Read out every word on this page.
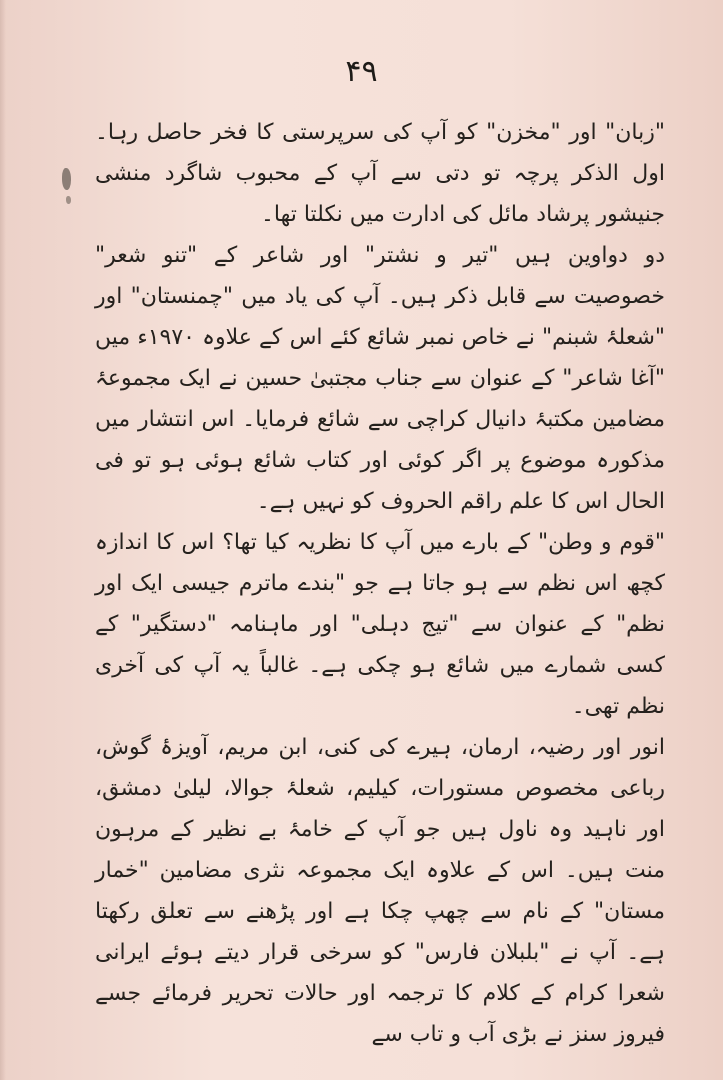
۴۹

"زبان" اور "مخزن" کو آپ کی سرپرستی کا فخر حاصل رہا۔ اول الذکر پرچہ تو دتی سے آپ کے محبوب شاگرد منشی جنیشور پرشاد مائل کی ادارت میں نکلتا تھا۔

دو دواوین ہیں "تیر و نشتر" اور شاعر کے "تنو شعر" خصوصیت سے قابل ذکر ہیں۔ آپ کی یاد میں "چمنستان" اور "شعلۂ شبنم" نے خاص نمبر شائع کئے اس کے علاوہ ۱۹۷۰ء میں "آغا شاعر" کے عنوان سے جناب مجتبیٰ حسین نے ایک مجموعۂ مضامین مکتبۂ دانیال کراچی سے شائع فرمایا۔ اس انتشار میں مذکورہ موضوع پر اگر کوئی اور کتاب شائع ہوئی ہو تو فی الحال اس کا علم راقم الحروف کو نہیں ہے۔

"قوم و وطن" کے بارے میں آپ کا نظریہ کیا تھا؟ اس کا اندازہ کچھ اس نظم سے ہو جاتا ہے جو "بندے ماترم جیسی ایک اور نظم" کے عنوان سے "تیج دہلی" اور ماہنامہ "دستگیر" کے کسی شمارے میں شائع ہو چکی ہے۔ غالباً یہ آپ کی آخری نظم تھی۔

انور اور رضیہ، ارمان، ہیرے کی کنی، ابن مریم، آویزۂ گوش، رباعی مخصوص مستورات، کیلیم، شعلۂ جوالا، لیلیٰ دمشق، اور ناہید وہ ناول ہیں جو آپ کے خامۂ بے نظیر کے مرہون منت ہیں۔ اس کے علاوہ ایک مجموعہ نثری مضامین "خمار مستان" کے نام سے چھپ چکا ہے اور پڑھنے سے تعلق رکھتا ہے۔ آپ نے "بلبلان فارس" کو سرخی قرار دیتے ہوئے ایرانی شعرا کرام کے کلام کا ترجمہ اور حالات تحریر فرمائے جسے فیروز سنز نے بڑی آب و تاب سے
